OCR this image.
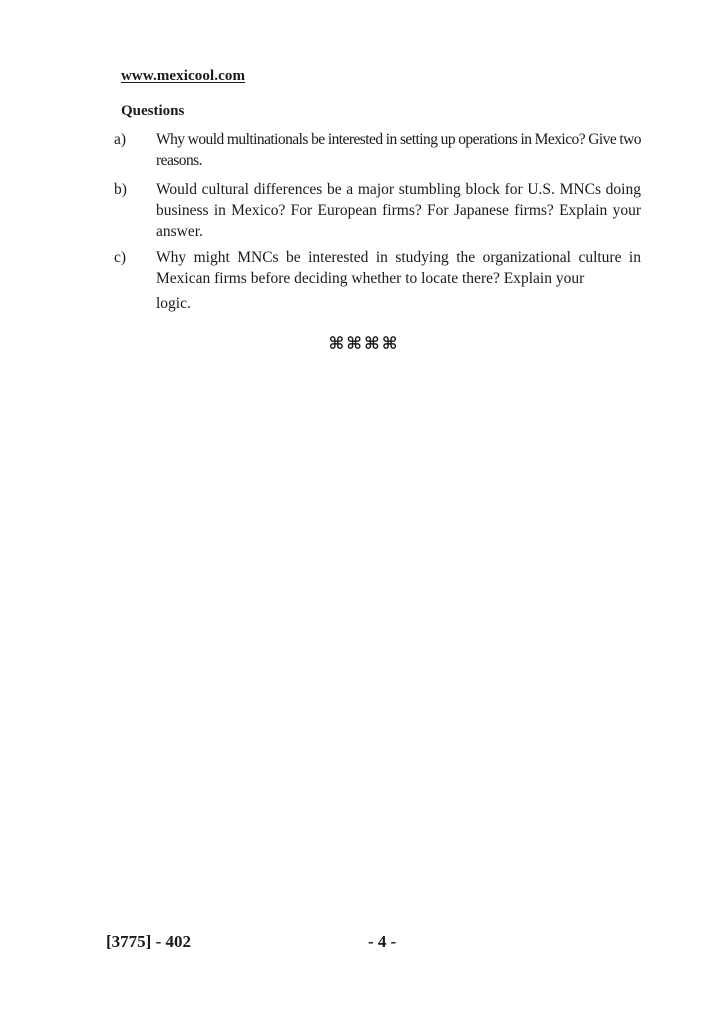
www.mexicool.com
Questions
a) Why would multinationals be interested in setting up operations in Mexico? Give two reasons.
b) Would cultural differences be a major stumbling block for U.S. MNCs doing business in Mexico? For European firms? For Japanese firms? Explain your answer.
c) Why might MNCs be interested in studying the organizational culture in Mexican firms before deciding whether to locate there? Explain your
logic.
⌘⌘⌘⌘
[3775] - 402	- 4 -
